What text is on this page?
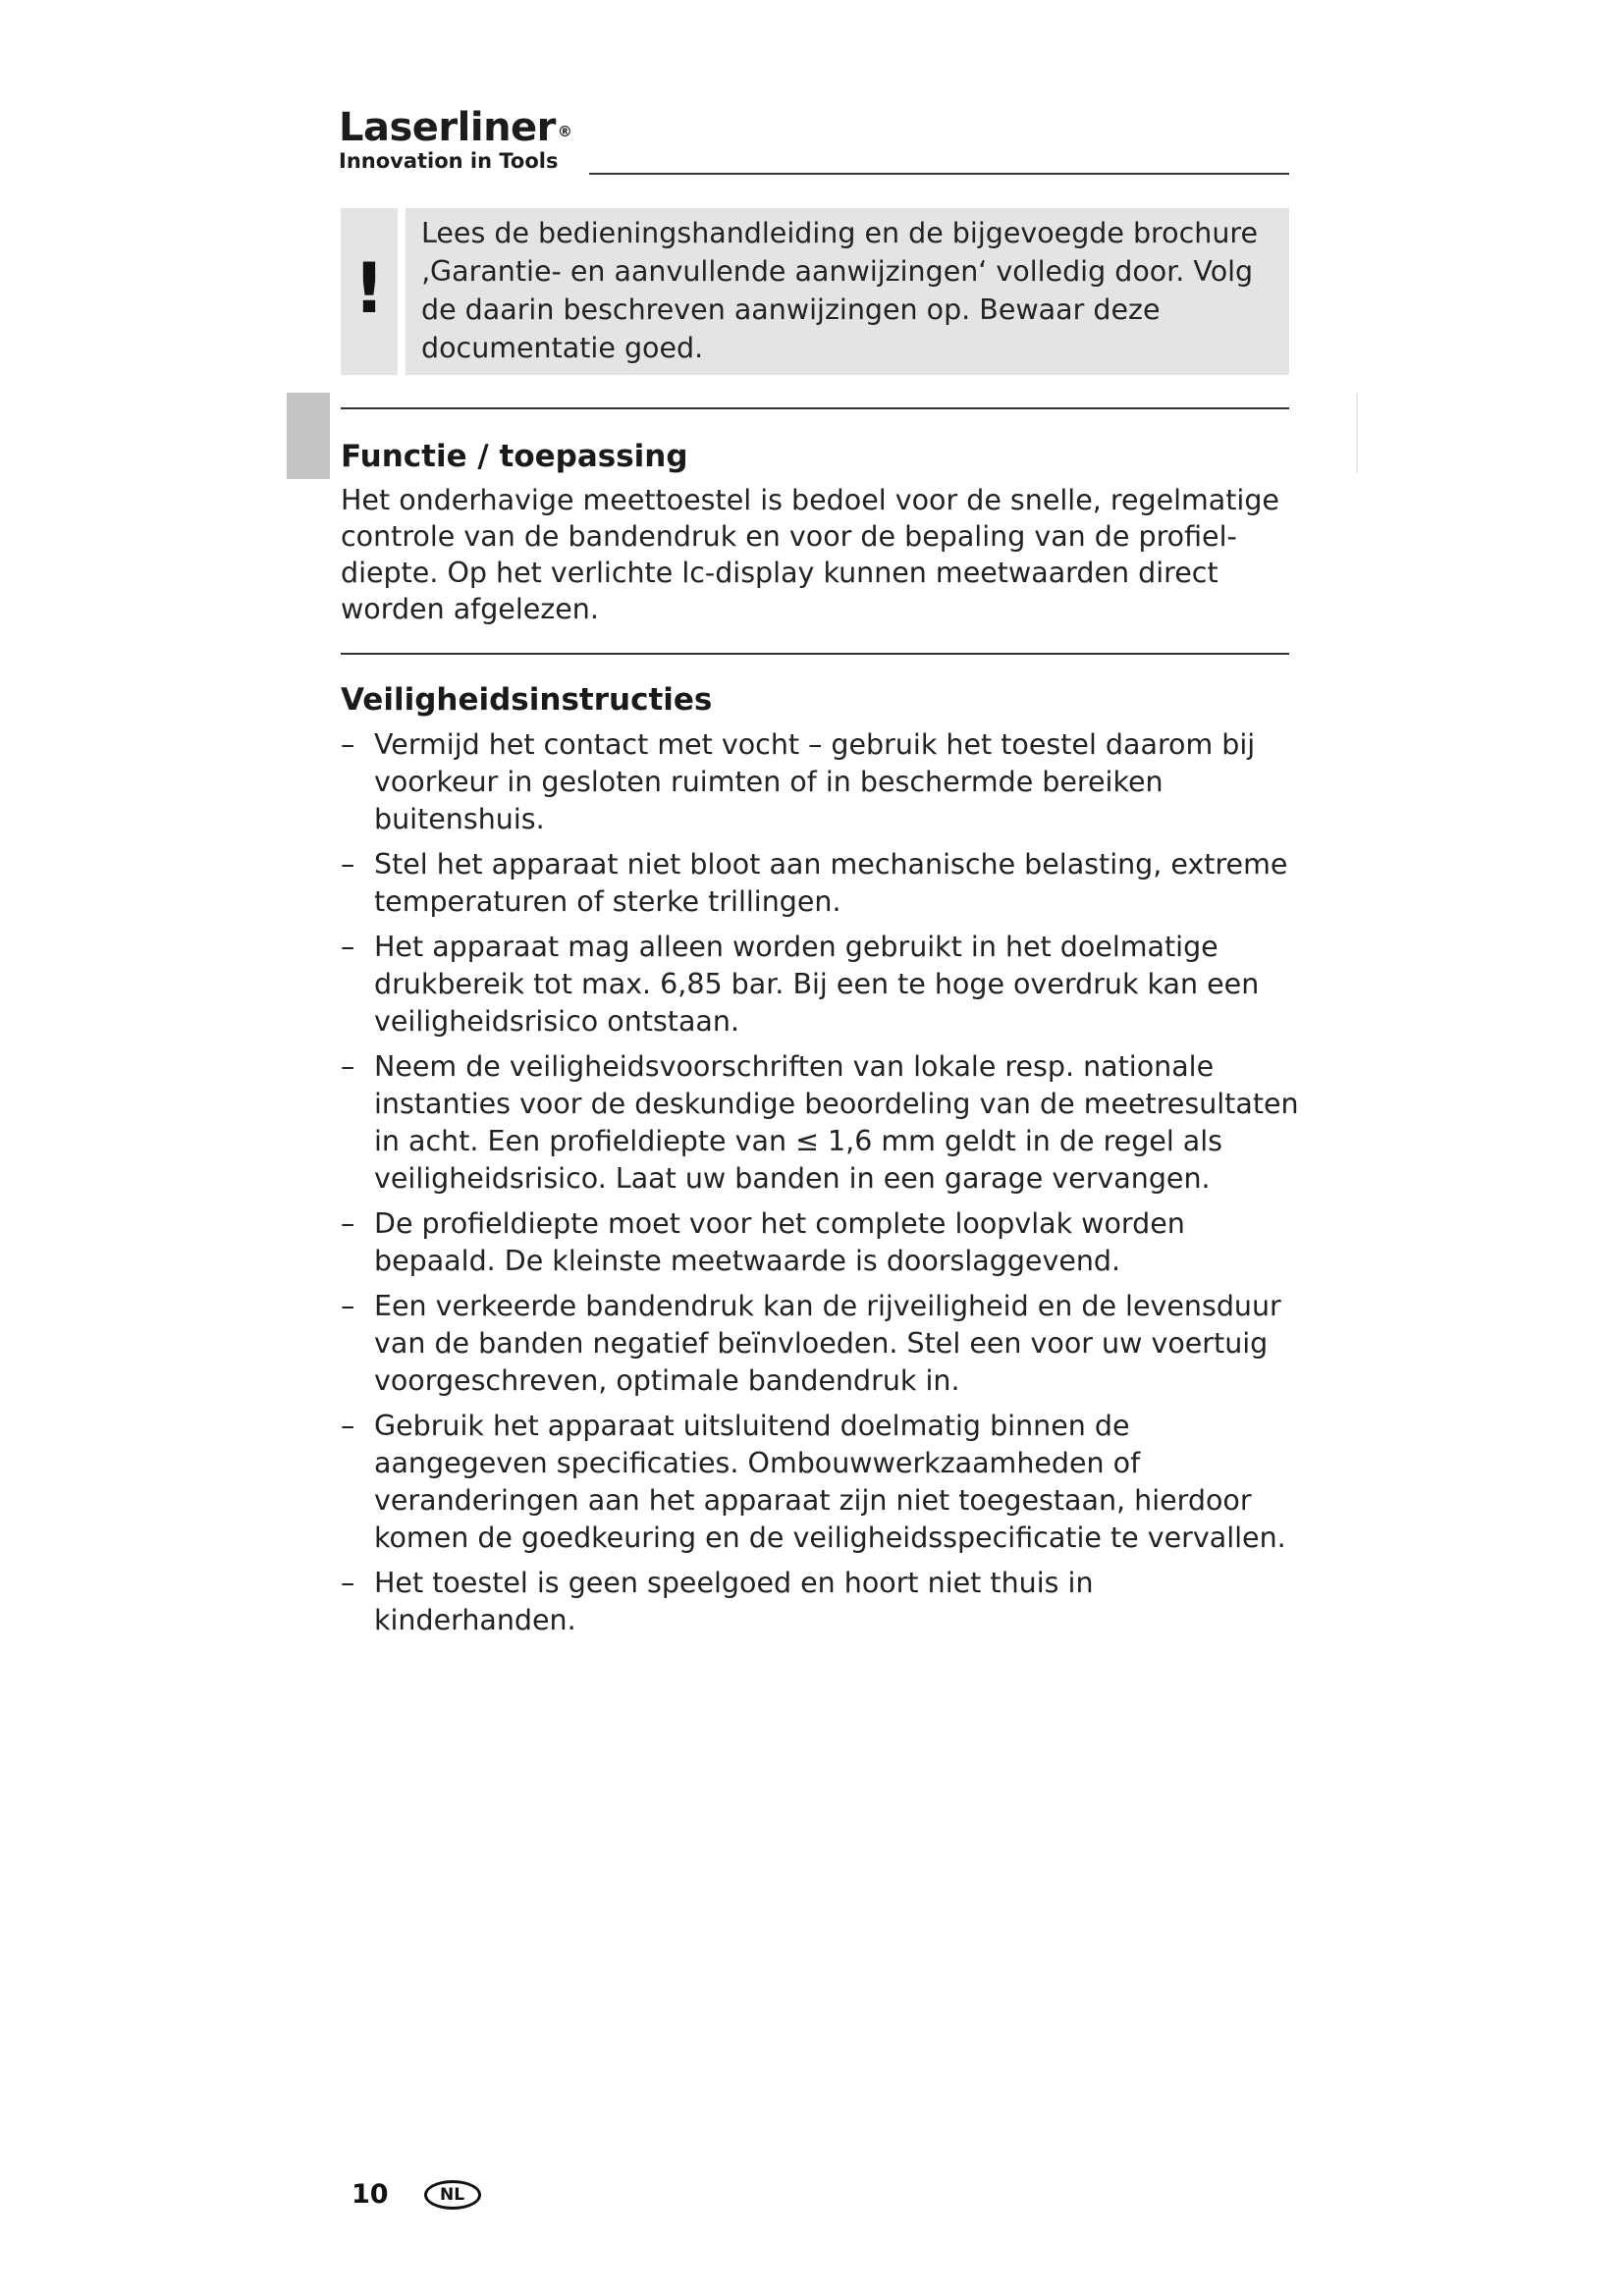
Laserliner ®
Innovation in Tools
!
Lees de bedieningshandleiding en de bijgevoegde brochure ‚Garantie- en aanvullende aanwijzingen‘ volledig door. Volg de daarin beschreven aanwijzingen op. Bewaar deze documentatie goed.
Functie / toepassing
Het onderhavige meettoestel is bedoel voor de snelle, regelmatige controle van de bandendruk en voor de bepaling van de profiel-diepte. Op het verlichte lc-display kunnen meetwaarden direct worden afgelezen.
Veiligheidsinstructies
– Vermijd het contact met vocht – gebruik het toestel daarom bij voorkeur in gesloten ruimten of in beschermde bereiken buitenshuis.
– Stel het apparaat niet bloot aan mechanische belasting, extreme temperaturen of sterke trillingen.
– Het apparaat mag alleen worden gebruikt in het doelmatige drukbereik tot max. 6,85 bar. Bij een te hoge overdruk kan een veiligheidsrisico ontstaan.
– Neem de veiligheidsvoorschriften van lokale resp. nationale instanties voor de deskundige beoordeling van de meetresultaten in acht. Een profieldiepte van ≤ 1,6 mm geldt in de regel als veiligheidsrisico. Laat uw banden in een garage vervangen.
– De profieldiepte moet voor het complete loopvlak worden bepaald. De kleinste meetwaarde is doorslaggevend.
– Een verkeerde bandendruk kan de rijveiligheid en de levensduur van de banden negatief beïnvloeden. Stel een voor uw voertuig voorgeschreven, optimale bandendruk in.
– Gebruik het apparaat uitsluitend doelmatig binnen de aangegeven specificaties. Ombouwwerkzaamheden of veranderingen aan het apparaat zijn niet toegestaan, hierdoor komen de goedkeuring en de veiligheidsspecificatie te vervallen.
– Het toestel is geen speelgoed en hoort niet thuis in kinderhanden.
10	NL
